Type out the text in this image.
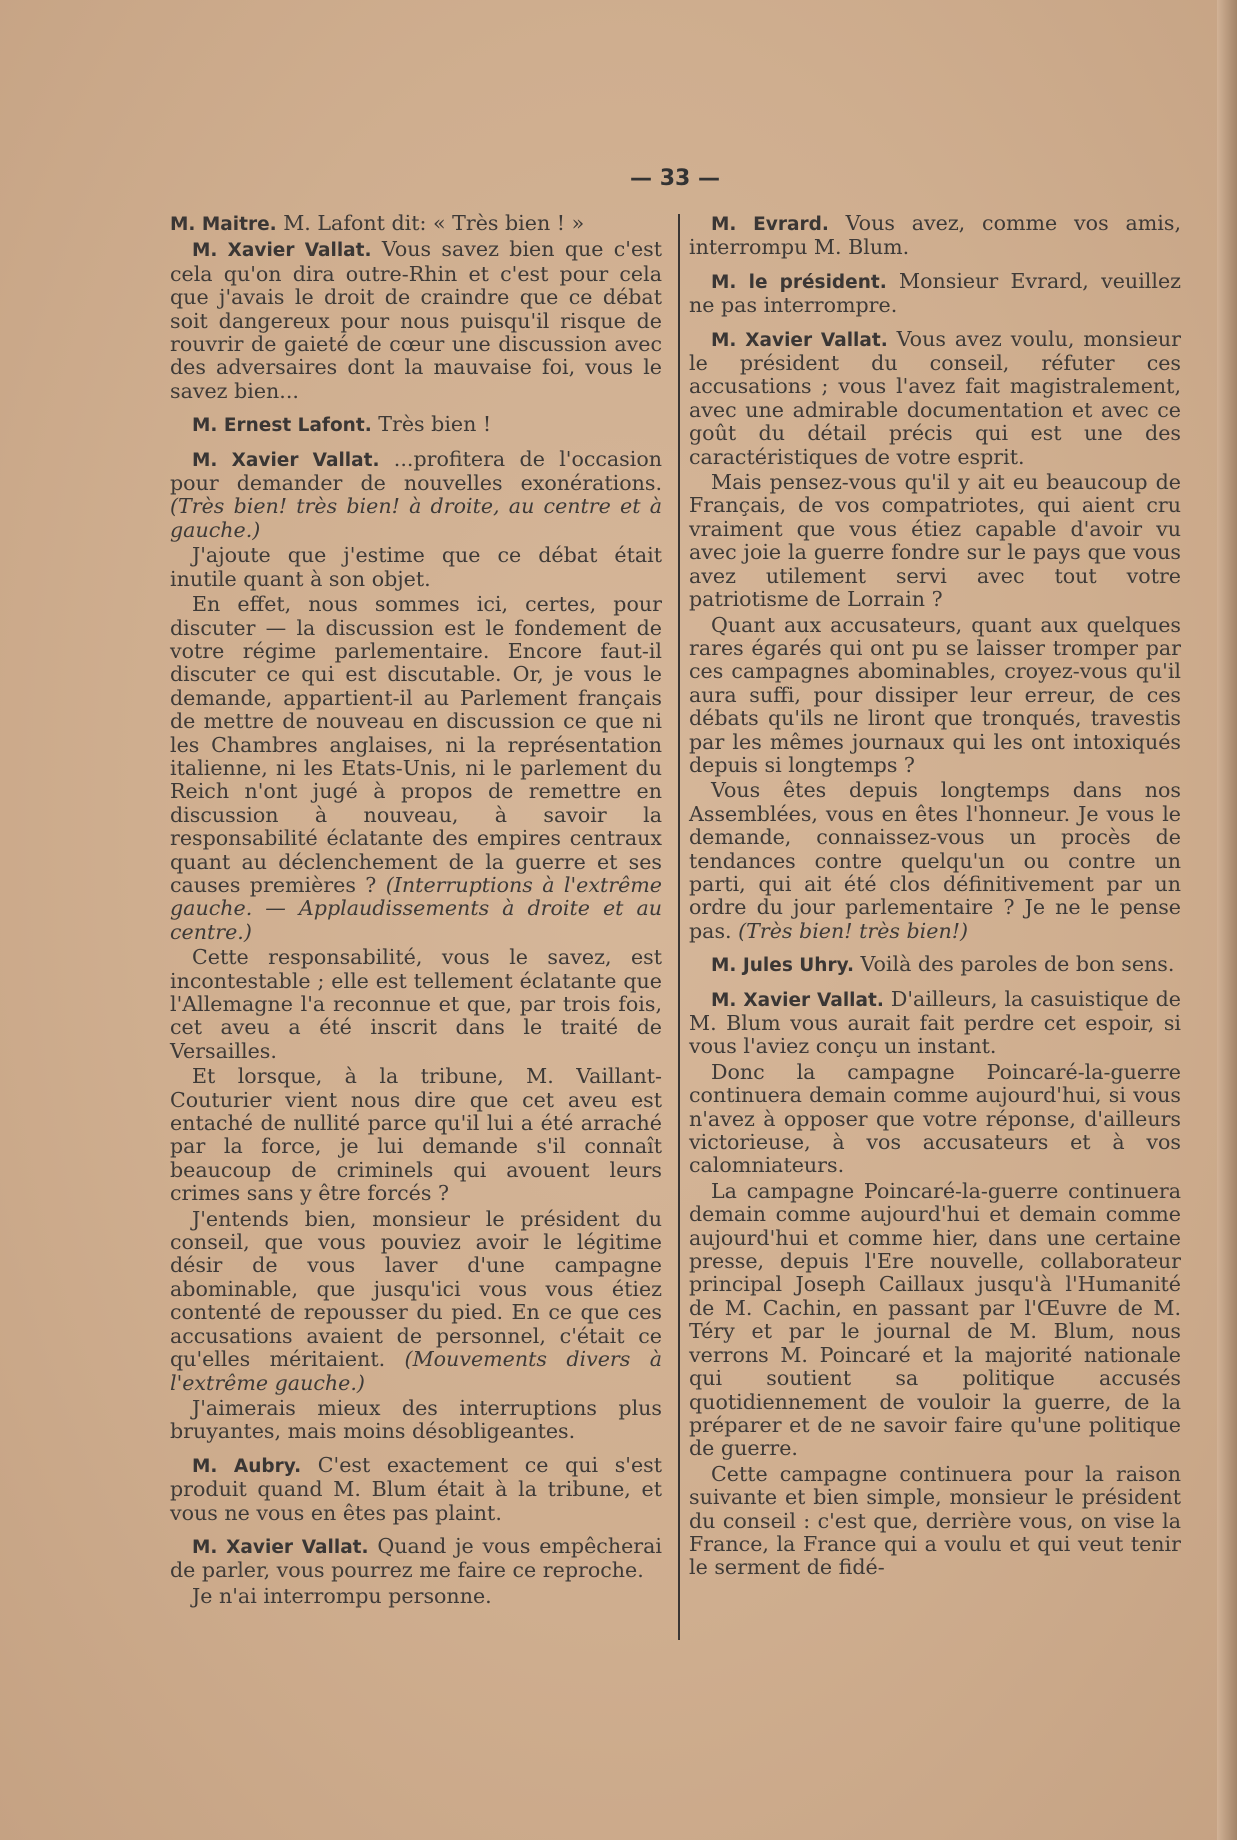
— 33 —

M. Maitre. M. Lafont dit: « Très bien ! »

M. Xavier Vallat. Vous savez bien que c'est cela qu'on dira outre-Rhin et c'est pour cela que j'avais le droit de craindre que ce débat soit dangereux pour nous puisqu'il risque de rouvrir de gaieté de cœur une discussion avec des adversaires dont la mauvaise foi, vous le savez bien...

M. Ernest Lafont. Très bien !

M. Xavier Vallat. ...profitera de l'occasion pour demander de nouvelles exonérations. (Très bien! très bien! à droite, au centre et à gauche.)

J'ajoute que j'estime que ce débat était inutile quant à son objet.

En effet, nous sommes ici, certes, pour discuter — la discussion est le fondement de votre régime parlementaire. Encore faut-il discuter ce qui est discutable. Or, je vous le demande, appartient-il au Parlement français de mettre de nouveau en discussion ce que ni les Chambres anglaises, ni la représentation italienne, ni les Etats-Unis, ni le parlement du Reich n'ont jugé à propos de remettre en discussion à nouveau, à savoir la responsabilité éclatante des empires centraux quant au déclenchement de la guerre et ses causes premières ? (Interruptions à l'extrême gauche. — Applaudissements à droite et au centre.)

Cette responsabilité, vous le savez, est incontestable ; elle est tellement éclatante que l'Allemagne l'a reconnue et que, par trois fois, cet aveu a été inscrit dans le traité de Versailles.

Et lorsque, à la tribune, M. Vaillant-Couturier vient nous dire que cet aveu est entaché de nullité parce qu'il lui a été arraché par la force, je lui demande s'il connaît beaucoup de criminels qui avouent leurs crimes sans y être forcés ?

J'entends bien, monsieur le président du conseil, que vous pouviez avoir le légitime désir de vous laver d'une campagne abominable, que jusqu'ici vous vous étiez contenté de repousser du pied. En ce que ces accusations avaient de personnel, c'était ce qu'elles méritaient. (Mouvements divers à l'extrême gauche.)

J'aimerais mieux des interruptions plus bruyantes, mais moins désobligeantes.

M. Aubry. C'est exactement ce qui s'est produit quand M. Blum était à la tribune, et vous ne vous en êtes pas plaint.

M. Xavier Vallat. Quand je vous empêcherai de parler, vous pourrez me faire ce reproche.

Je n'ai interrompu personne.

M. Evrard. Vous avez, comme vos amis, interrompu M. Blum.

M. le président. Monsieur Evrard, veuillez ne pas interrompre.

M. Xavier Vallat. Vous avez voulu, monsieur le président du conseil, réfuter ces accusations ; vous l'avez fait magistralement, avec une admirable documentation et avec ce goût du détail précis qui est une des caractéristiques de votre esprit.

Mais pensez-vous qu'il y ait eu beaucoup de Français, de vos compatriotes, qui aient cru vraiment que vous étiez capable d'avoir vu avec joie la guerre fondre sur le pays que vous avez utilement servi avec tout votre patriotisme de Lorrain ?

Quant aux accusateurs, quant aux quelques rares égarés qui ont pu se laisser tromper par ces campagnes abominables, croyez-vous qu'il aura suffi, pour dissiper leur erreur, de ces débats qu'ils ne liront que tronqués, travestis par les mêmes journaux qui les ont intoxiqués depuis si longtemps ?

Vous êtes depuis longtemps dans nos Assemblées, vous en êtes l'honneur. Je vous le demande, connaissez-vous un procès de tendances contre quelqu'un ou contre un parti, qui ait été clos définitivement par un ordre du jour parlementaire ? Je ne le pense pas. (Très bien! très bien!)

M. Jules Uhry. Voilà des paroles de bon sens.

M. Xavier Vallat. D'ailleurs, la casuistique de M. Blum vous aurait fait perdre cet espoir, si vous l'aviez conçu un instant.

Donc la campagne Poincaré-la-guerre continuera demain comme aujourd'hui, si vous n'avez à opposer que votre réponse, d'ailleurs victorieuse, à vos accusateurs et à vos calomniateurs.

La campagne Poincaré-la-guerre continuera demain comme aujourd'hui et demain comme aujourd'hui et comme hier, dans une certaine presse, depuis l'Ere nouvelle, collaborateur principal Joseph Caillaux jusqu'à l'Humanité de M. Cachin, en passant par l'Œuvre de M. Téry et par le journal de M. Blum, nous verrons M. Poincaré et la majorité nationale qui soutient sa politique accusés quotidiennement de vouloir la guerre, de la préparer et de ne savoir faire qu'une politique de guerre.

Cette campagne continuera pour la raison suivante et bien simple, monsieur le président du conseil : c'est que, derrière vous, on vise la France, la France qui a voulu et qui veut tenir le serment de fidé-
